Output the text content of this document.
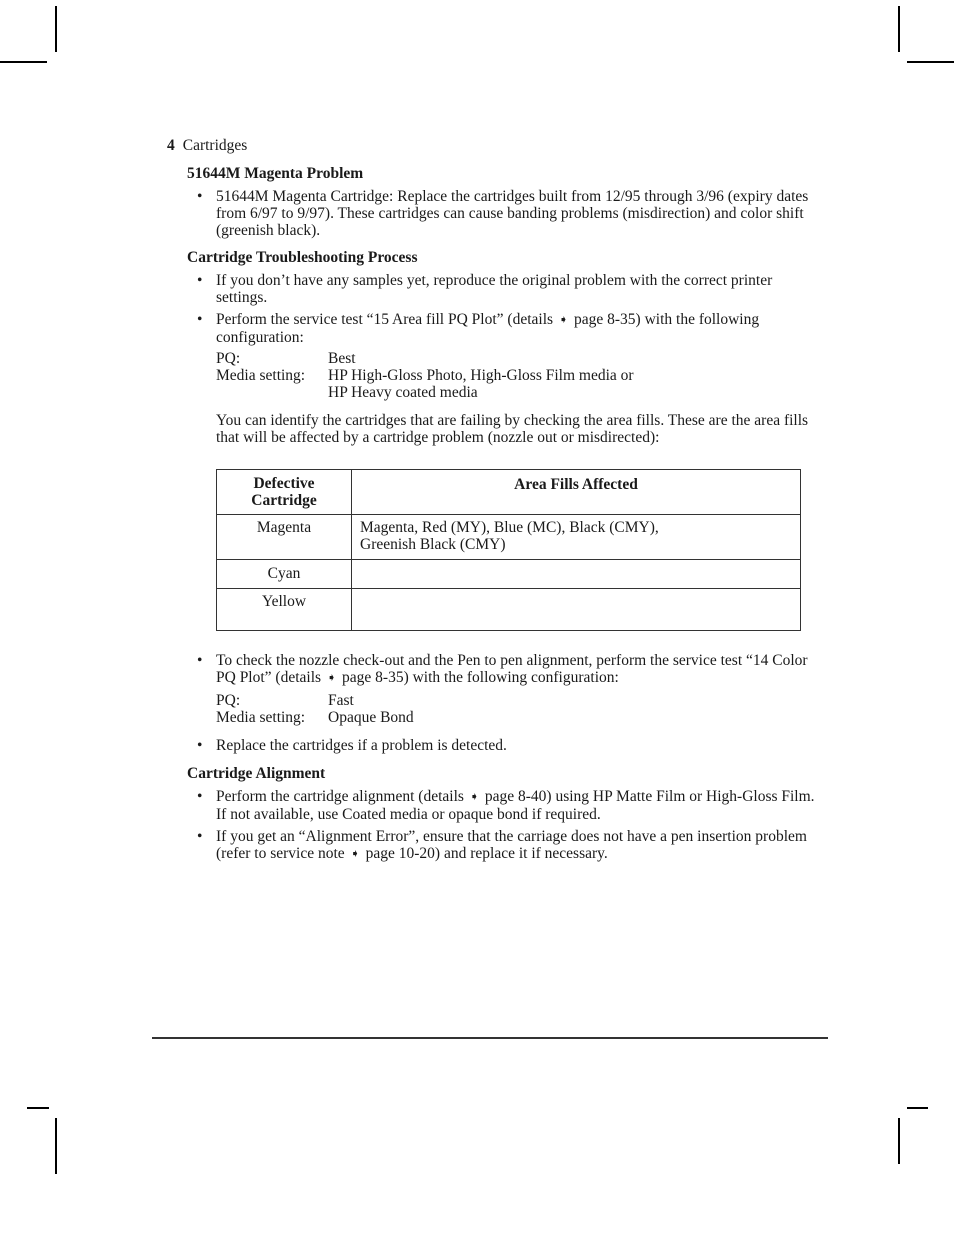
4 Cartridges
51644M Magenta Problem
• 51644M Magenta Cartridge: Replace the cartridges built from 12/95 through 3/96 (expiry dates from 6/97 to 9/97). These cartridges can cause banding problems (misdirection) and color shift (greenish black).
Cartridge Troubleshooting Process
• If you don’t have any samples yet, reproduce the original problem with the correct printer settings.
• Perform the service test “15 Area fill PQ Plot” (details ➧ page 8-35) with the following configuration:
PQ:	Best
Media setting:	HP High-Gloss Photo, High-Gloss Film media or
HP Heavy coated media

You can identify the cartridges that are failing by checking the area fills. These are the area fills that will be affected by a cartridge problem (nozzle out or misdirected):

Defective Cartridge	Area Fills Affected
Magenta	Magenta, Red (MY), Blue (MC), Black (CMY),
Greenish Black (CMY)
Cyan	
Yellow	
• To check the nozzle check-out and the Pen to pen alignment, perform the service test “14 Color PQ Plot” (details ➧ page 8-35) with the following configuration:
PQ:	Fast
Media setting:	Opaque Bond
• Replace the cartridges if a problem is detected.
Cartridge Alignment
• Perform the cartridge alignment (details ➧ page 8-40) using HP Matte Film or High-Gloss Film. If not available, use Coated media or opaque bond if required.
• If you get an “Alignment Error”, ensure that the carriage does not have a pen insertion problem (refer to service note ➧ page 10-20) and replace it if necessary.
